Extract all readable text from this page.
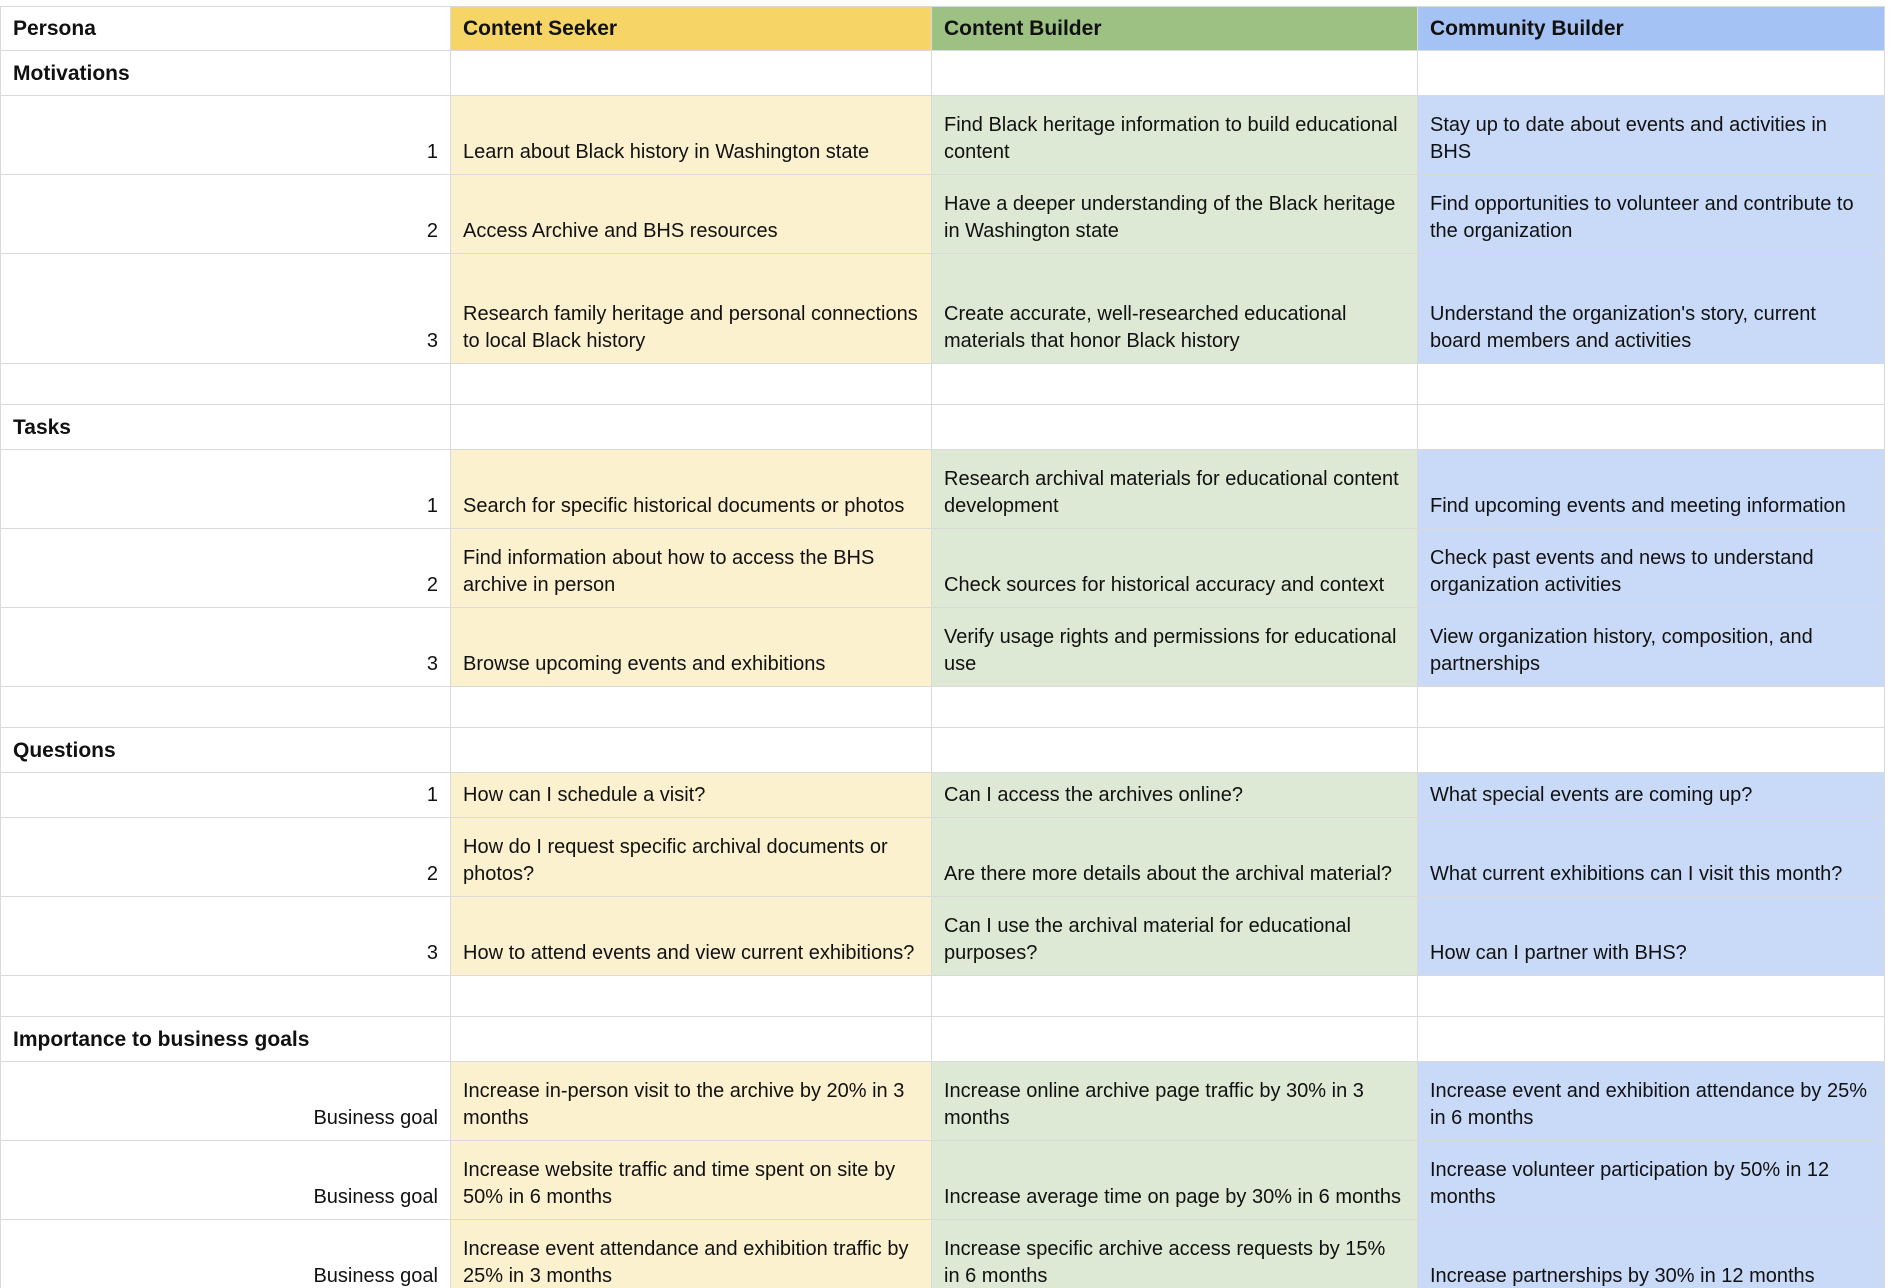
Persona	Content Seeker	Content Builder	Community Builder
Motivations			
1	Learn about Black history in Washington state	Find Black heritage information to build educational content	Stay up to date about events and activities in BHS
2	Access Archive and BHS resources	Have a deeper understanding of the Black heritage in Washington state	Find opportunities to volunteer and contribute to the organization
3	Research family heritage and personal connections to local Black history	Create accurate, well-researched educational materials that honor Black history	Understand the organization's story, current board members and activities

Tasks			
1	Search for specific historical documents or photos	Research archival materials for educational content development	Find upcoming events and meeting information
2	Find information about how to access the BHS archive in person	Check sources for historical accuracy and context	Check past events and news to understand organization activities
3	Browse upcoming events and exhibitions	Verify usage rights and permissions for educational use	View organization history, composition, and partnerships

Questions			
1	How can I schedule a visit?	Can I access the archives online?	What special events are coming up?
2	How do I request specific archival documents or photos?	Are there more details about the archival material?	What current exhibitions can I visit this month?
3	How to attend events and view current exhibitions?	Can I use the archival material for educational purposes?	How can I partner with BHS?

Importance to business goals			
Business goal	Increase in-person visit to the archive by 20% in 3 months	Increase online archive page traffic by 30% in 3 months	Increase event and exhibition attendance by 25% in 6 months
Business goal	Increase website traffic and time spent on site by 50% in 6 months	Increase average time on page by 30% in 6 months	Increase volunteer participation by 50% in 12 months
Business goal	Increase event attendance and exhibition traffic by 25% in 3 months	Increase specific archive access requests by 15% in 6 months	Increase partnerships by 30% in 12 months
